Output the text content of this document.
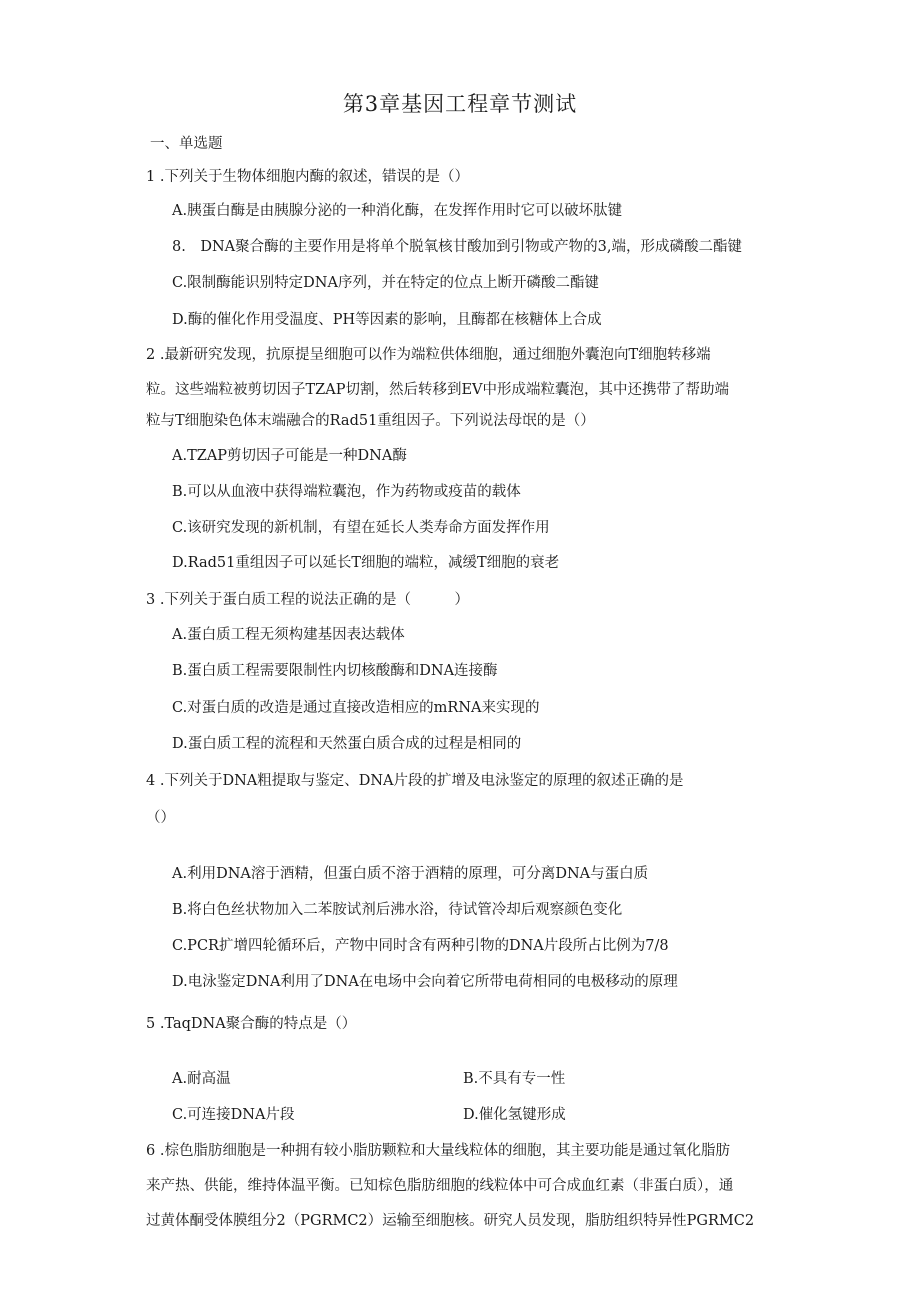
第3章基因工程章节测试
一、单选题
1 .下列关于生物体细胞内酶的叙述，错误的是（）
A.胰蛋白酶是由胰腺分泌的一种消化酶，在发挥作用时它可以破坏肽键
8.　DNA聚合酶的主要作用是将单个脱氧核甘酸加到引物或产物的3,端，形成磷酸二酯键
C.限制酶能识别特定DNA序列，并在特定的位点上断开磷酸二酯键
D.酶的催化作用受温度、PH等因素的影响，且酶都在核糖体上合成
2 .最新研究发现，抗原提呈细胞可以作为端粒供体细胞，通过细胞外囊泡向T细胞转移端
粒。这些端粒被剪切因子TZAP切割，然后转移到EV中形成端粒囊泡，其中还携带了帮助端
粒与T细胞染色体末端融合的Rad51重组因子。下列说法母氓的是（）
A.TZAP剪切因子可能是一种DNA酶
B.可以从血液中获得端粒囊泡，作为药物或疫苗的载体
C.该研究发现的新机制，有望在延长人类寿命方面发挥作用
D.Rad51重组因子可以延长T细胞的端粒，减缓T细胞的衰老
3 .下列关于蛋白质工程的说法正确的是（　　　）
A.蛋白质工程无须构建基因表达载体
B.蛋白质工程需要限制性内切核酸酶和DNA连接酶
C.对蛋白质的改造是通过直接改造相应的mRNA来实现的
D.蛋白质工程的流程和天然蛋白质合成的过程是相同的
4 .下列关于DNA粗提取与鉴定、DNA片段的扩增及电泳鉴定的原理的叙述正确的是
（）
A.利用DNA溶于酒精，但蛋白质不溶于酒精的原理，可分离DNA与蛋白质
B.将白色丝状物加入二苯胺试剂后沸水浴，待试管冷却后观察颜色变化
C.PCR扩增四轮循环后，产物中同时含有两种引物的DNA片段所占比例为7/8
D.电泳鉴定DNA利用了DNA在电场中会向着它所带电荷相同的电极移动的原理
5 .TaqDNA聚合酶的特点是（）
A.耐高温	B.不具有专一性
C.可连接DNA片段	D.催化氢键形成
6 .棕色脂肪细胞是一种拥有较小脂肪颗粒和大量线粒体的细胞，其主要功能是通过氧化脂肪
来产热、供能，维持体温平衡。已知棕色脂肪细胞的线粒体中可合成血红素（非蛋白质），通
过黄体酮受体膜组分2（PGRMC2）运输至细胞核。研究人员发现，脂肪组织特异性PGRMC2
